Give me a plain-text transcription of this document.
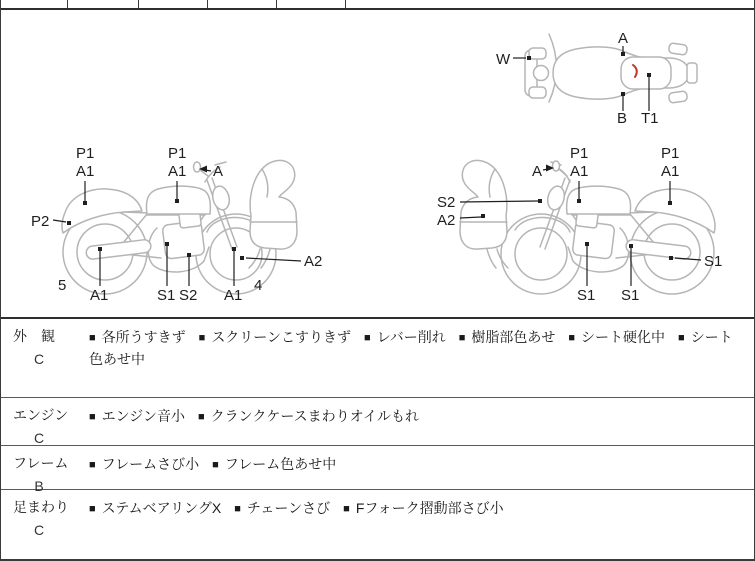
W
A
B T1
P1
A1
P1
A1 A
P2
5
A1	S1 S2 A1
4
A2
S2
A2
A
P1
A1
P1
A1
S1
S1 S1
外　観
C
■ 各所うすきず ■ スクリーンこすりきず ■ レバー削れ ■ 樹脂部色あせ ■ シート硬化中 ■ シート色あせ中
エンジン
C
■ エンジン音小 ■ クランクケースまわりオイルもれ
フレーム
B
■ フレームさび小 ■ フレーム色あせ中
足まわり
C
■ ステムベアリングX ■ チェーンさび ■ Fフォーク摺動部さび小
